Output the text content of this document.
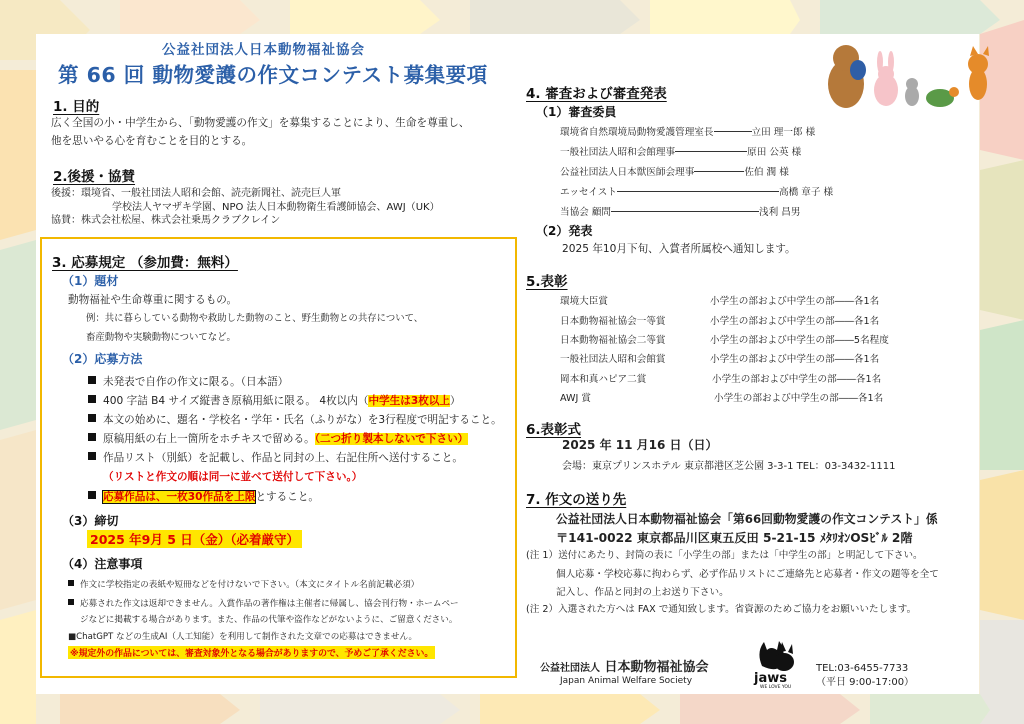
公益社団法人日本動物福祉協会
第 66 回 動物愛護の作文コンテスト募集要項
1. 目的
広く全国の小・中学生から、「動物愛護の作文」を募集することにより、生命を尊重し、
他を思いやる心を育むことを目的とする。
2.後援・協賛
後援：環境省、一般社団法人昭和会館、読売新聞社、読売巨人軍
学校法人ヤマザキ学園、NPO 法人日本動物衛生看護師協会、AWJ（UK）
協賛：株式会社松屋、株式会社乗馬クラブクレイン
3. 応募規定 （参加費：無料）
（1）題材
動物福祉や生命尊重に関するもの。
例：共に暮らしている動物や救助した動物のこと、野生動物との共存について、
畜産動物や実験動物についてなど。
（2）応募方法
未発表で自作の作文に限る。（日本語）
400 字詰 B4 サイズ縦書き原稿用紙に限る。 4枚以内（中学生は3枚以上）
本文の始めに、題名・学校名・学年・氏名（ふりがな）を3行程度で明記すること。
原稿用紙の右上一箇所をホチキスで留める。（二つ折り製本しないで下さい）
作品リスト（別紙）を記載し、作品と同封の上、右記住所へ送付すること。
（リストと作文の順は同一に並べて送付して下さい。）
応募作品は、一枚30作品を上限とすること。
（3）締切
2025 年9月 5 日（金）（必着厳守）
（4）注意事項
作文に学校指定の表紙や短冊などを付けないで下さい。（本文にタイトル名前記載必須）
応募された作文は返却できません。入賞作品の著作権は主催者に帰属し、協会刊行物・ホームペー
ジなどに掲載する場合があります。また、作品の代筆や盗作などがないように、ご留意ください。
■ChatGPT などの生成AI（人工知能）を利用して制作された文章での応募はできません。
※規定外の作品については、審査対象外となる場合がありますので、予めご了承ください。
4. 審査および審査発表
（1）審査委員
環境省自然環境局動物愛護管理室長	立田 理一郎 様
一般社団法人昭和会館理事	原田 公英 様
公益社団法人日本獣医師会理事	佐伯 潤 様
エッセイスト	高橋 章子 様
当協会 顧問	浅利 昌男
（2）発表
2025 年10月下旬、入賞者所属校へ通知します。
5.表彰
環境大臣賞	小学生の部および中学生の部――各1名
日本動物福祉協会一等賞	小学生の部および中学生の部――各1名
日本動物福祉協会二等賞	小学生の部および中学生の部――5名程度
一般社団法人昭和会館賞	小学生の部および中学生の部――各1名
岡本和真ハピア二賞	小学生の部および中学生の部――各1名
AWJ 賞	小学生の部および中学生の部――各1名
6.表彰式
2025 年 11 月16 日（日）
会場：東京プリンスホテル 東京都港区芝公園 3-3-1 TEL：03-3432-1111
7. 作文の送り先
公益社団法人日本動物福祉協会「第66回動物愛護の作文コンテスト」係
〒141-0022 東京都品川区東五反田 5-21-15 ﾒﾀﾘｵﾝOSﾋﾞﾙ 2階
(注 1）送付にあたり、封筒の表に「小学生の部」または「中学生の部」と明記して下さい。
個人応募・学校応募に拘わらず、必ず作品リストにご連絡先と応募者・作文の題等を全て
記入し、作品と同封の上お送り下さい。
(注 2）入選された方へは FAX で通知致します。省資源のためご協力をお願いいたします。
公益社団法人 日本動物福祉協会
Japan Animal Welfare Society	jaws
WE LOVE YOU
TEL:03-6455-7733
（平日 9:00-17:00）
